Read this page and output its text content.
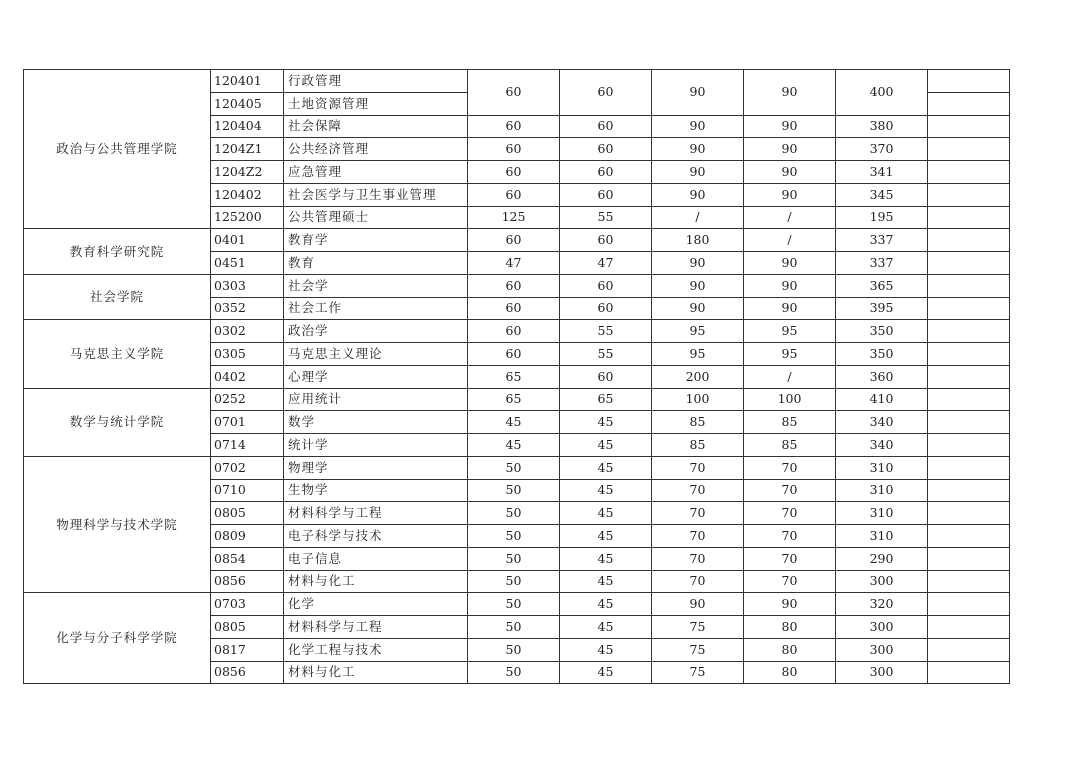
政治与公共管理学院	120401	行政管理	60	60	90	90	400	
	120405	土地资源管理						
	120404	社会保障	60	60	90	90	380	
	1204Z1	公共经济管理	60	60	90	90	370	
	1204Z2	应急管理	60	60	90	90	341	
	120402	社会医学与卫生事业管理	60	60	90	90	345	
	125200	公共管理硕士	125	55	/	/	195	
教育科学研究院	0401	教育学	60	60	180	/	337	
	0451	教育	47	47	90	90	337	
社会学院	0303	社会学	60	60	90	90	365	
	0352	社会工作	60	60	90	90	395	
马克思主义学院	0302	政治学	60	55	95	95	350	
	0305	马克思主义理论	60	55	95	95	350	
	0402	心理学	65	60	200	/	360	
数学与统计学院	0252	应用统计	65	65	100	100	410	
	0701	数学	45	45	85	85	340	
	0714	统计学	45	45	85	85	340	
物理科学与技术学院	0702	物理学	50	45	70	70	310	
	0710	生物学	50	45	70	70	310	
	0805	材料科学与工程	50	45	70	70	310	
	0809	电子科学与技术	50	45	70	70	310	
	0854	电子信息	50	45	70	70	290	
	0856	材料与化工	50	45	70	70	300	
化学与分子科学学院	0703	化学	50	45	90	90	320	
	0805	材料科学与工程	50	45	75	80	300	
	0817	化学工程与技术	50	45	75	80	300	
	0856	材料与化工	50	45	75	80	300	
